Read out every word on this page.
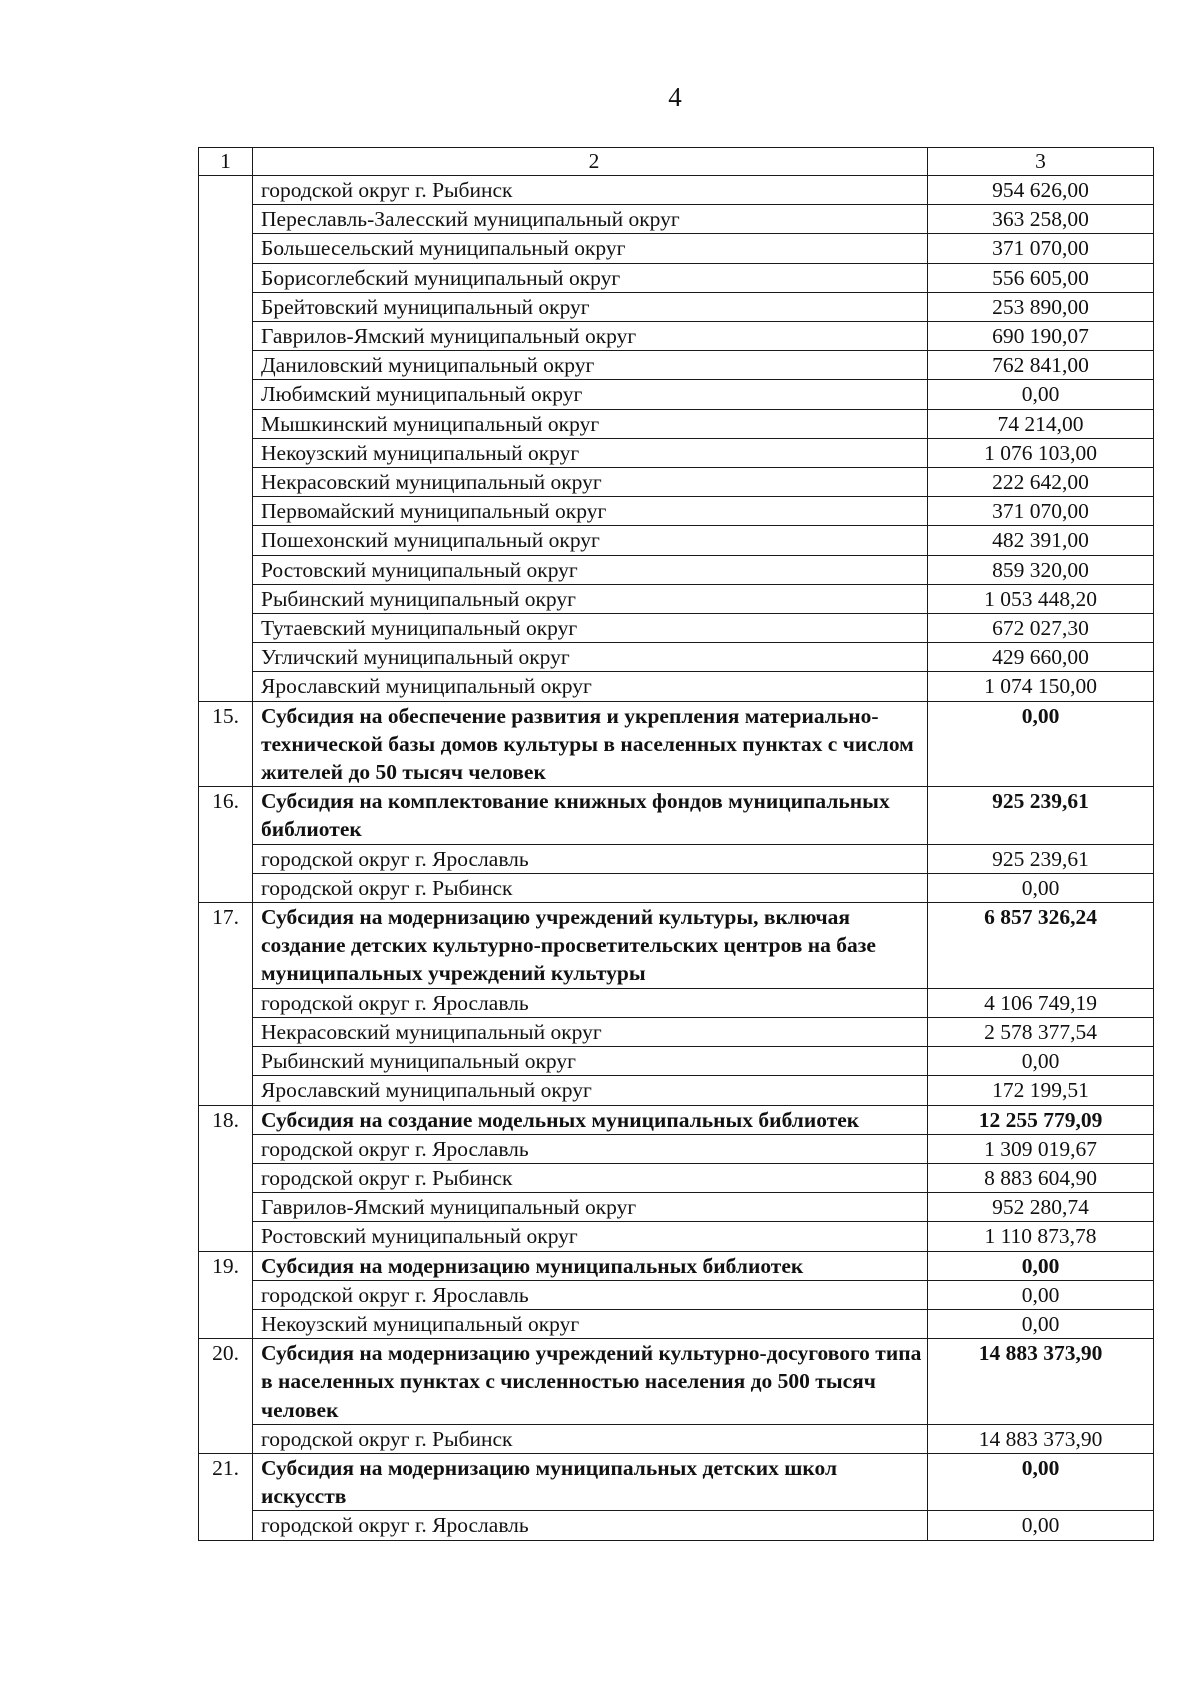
4
1	2	3
	городской округ г. Рыбинск	954 626,00
	Переславль-Залесский муниципальный округ	363 258,00
	Большесельский муниципальный округ	371 070,00
	Борисоглебский муниципальный округ	556 605,00
	Брейтовский муниципальный округ	253 890,00
	Гаврилов-Ямский муниципальный округ	690 190,07
	Даниловский муниципальный округ	762 841,00
	Любимский муниципальный округ	0,00
	Мышкинский муниципальный округ	74 214,00
	Некоузский муниципальный округ	1 076 103,00
	Некрасовский муниципальный округ	222 642,00
	Первомайский муниципальный округ	371 070,00
	Пошехонский муниципальный округ	482 391,00
	Ростовский муниципальный округ	859 320,00
	Рыбинский муниципальный округ	1 053 448,20
	Тутаевский муниципальный округ	672 027,30
	Угличский муниципальный округ	429 660,00
	Ярославский муниципальный округ	1 074 150,00
15.	Субсидия на обеспечение развития и укрепления материально-технической базы домов культуры в населенных пунктах с числом жителей до 50 тысяч человек	0,00
16.	Субсидия на комплектование книжных фондов муниципальных библиотек	925 239,61
	городской округ г. Ярославль	925 239,61
	городской округ г. Рыбинск	0,00
17.	Субсидия на модернизацию учреждений культуры, включая создание детских культурно-просветительских центров на базе муниципальных учреждений культуры	6 857 326,24
	городской округ г. Ярославль	4 106 749,19
	Некрасовский муниципальный округ	2 578 377,54
	Рыбинский муниципальный округ	0,00
	Ярославский муниципальный округ	172 199,51
18.	Субсидия на создание модельных муниципальных библиотек	12 255 779,09
	городской округ г. Ярославль	1 309 019,67
	городской округ г. Рыбинск	8 883 604,90
	Гаврилов-Ямский муниципальный округ	952 280,74
	Ростовский муниципальный округ	1 110 873,78
19.	Субсидия на модернизацию муниципальных библиотек	0,00
	городской округ г. Ярославль	0,00
	Некоузский муниципальный округ	0,00
20.	Субсидия на модернизацию учреждений культурно-досугового типа в населенных пунктах с численностью населения до 500 тысяч человек	14 883 373,90
	городской округ г. Рыбинск	14 883 373,90
21.	Субсидия на модернизацию муниципальных детских школ искусств	0,00
	городской округ г. Ярославль	0,00
